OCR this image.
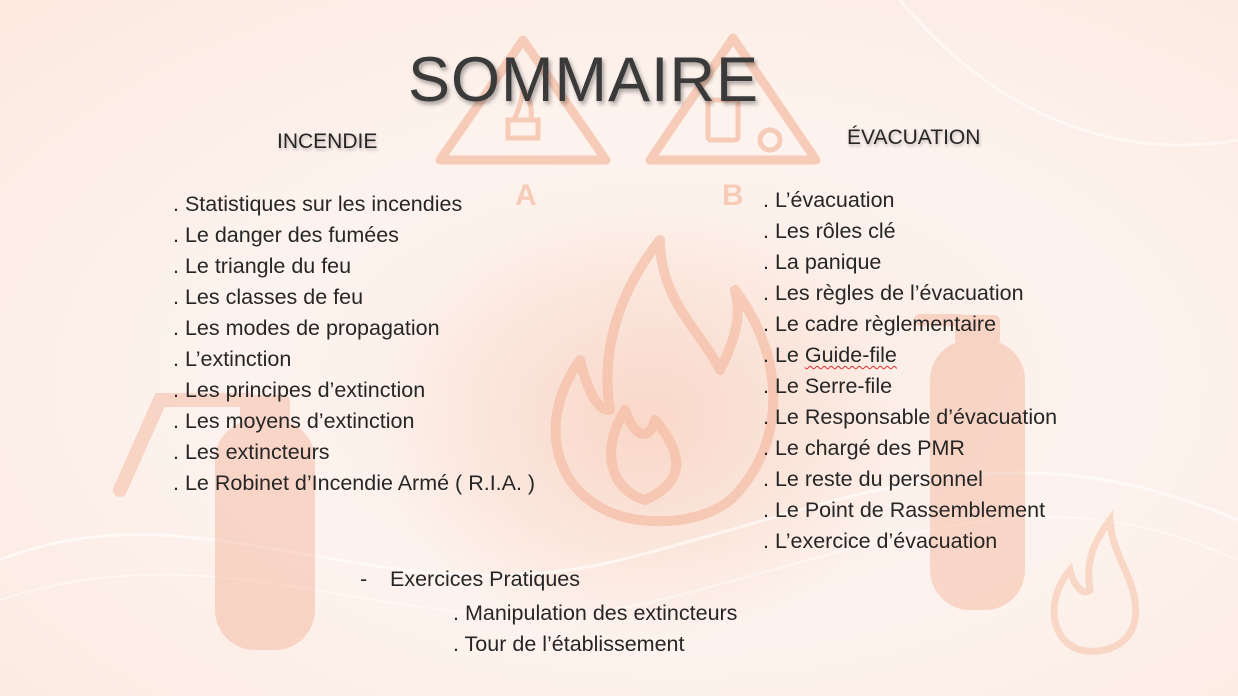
A	B
SOMMAIRE
INCENDIE	ÉVACUATION
. Statistiques sur les incendies
. Le danger des fumées
. Le triangle du feu
. Les classes de feu
. Les modes de propagation
. L’extinction
. Les principes d’extinction
. Les moyens d’extinction
. Les extincteurs
. Le Robinet d’Incendie Armé ( R.I.A. )
. L’évacuation
. Les rôles clé
. La panique
. Les règles de l’évacuation
. Le cadre règlementaire
. Le Guide-file
. Le Serre-file
. Le Responsable d’évacuation
. Le chargé des PMR
. Le reste du personnel
. Le Point de Rassemblement
. L’exercice d’évacuation
- Exercices Pratiques
. Manipulation des extincteurs
. Tour de l’établissement
